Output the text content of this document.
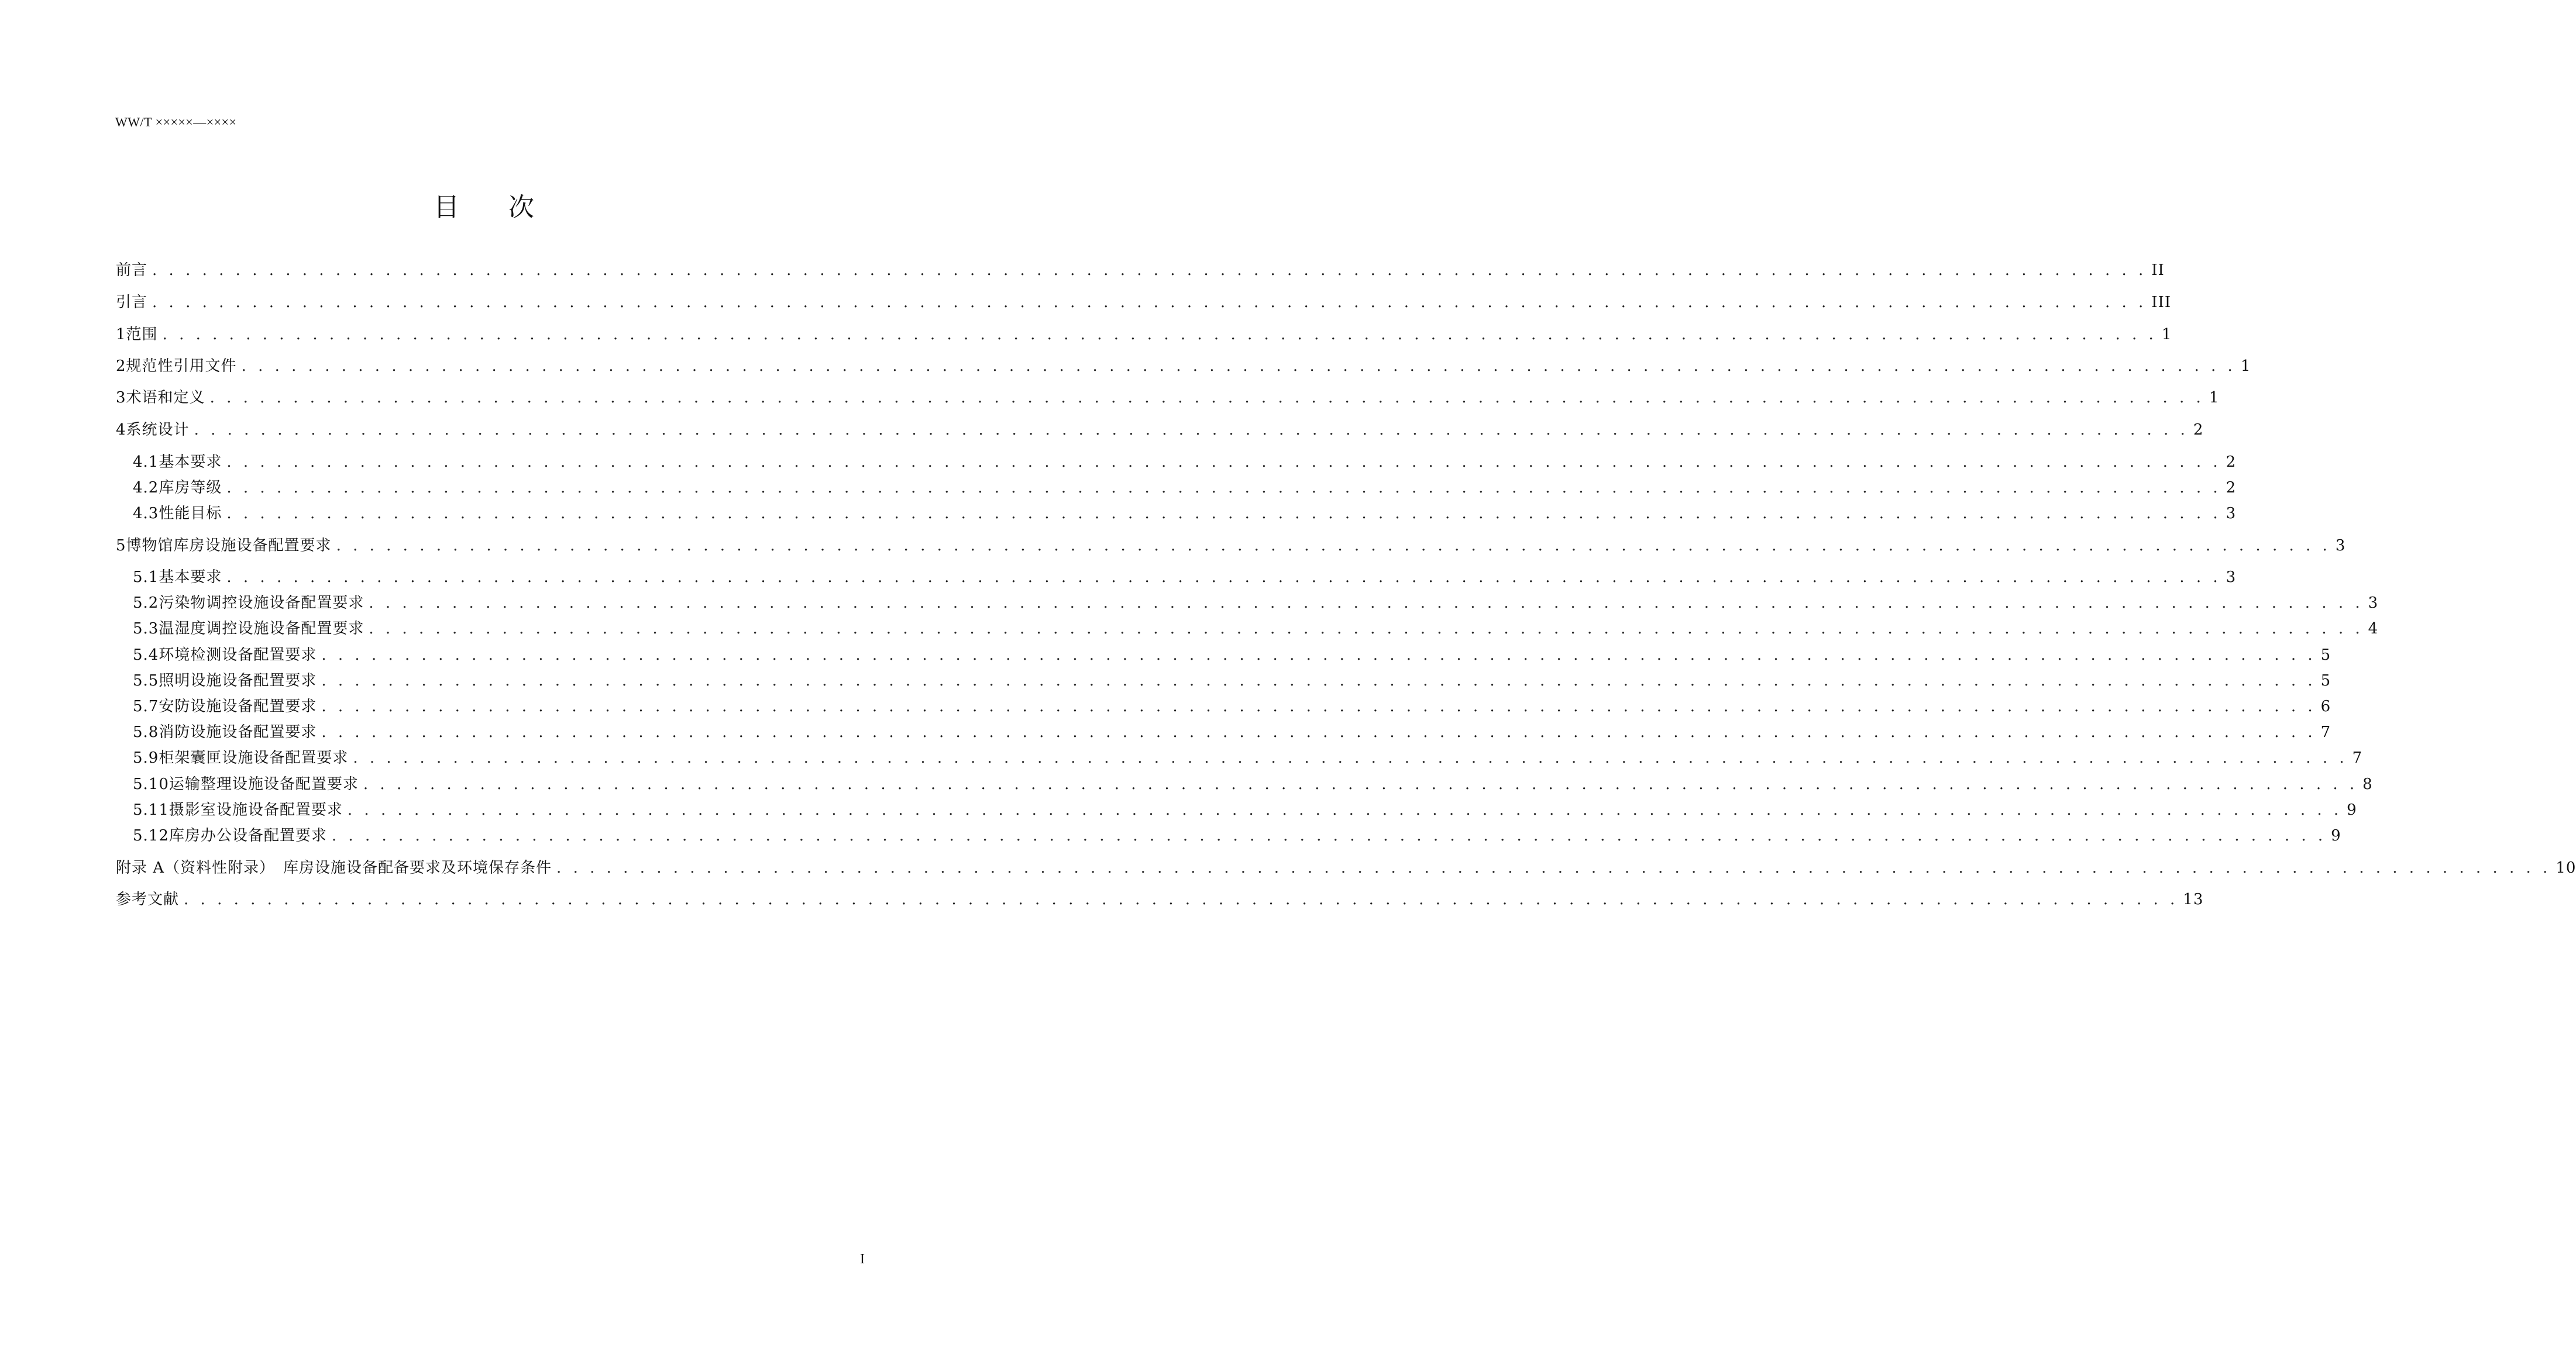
WW/T ×××××—××××
目 次
前言 . . . . . . . . . . . . . . . . . . . . . . . . . . . . . . . . . . . . . . . . . . . . . . . . . . . . . . . . . . . . . . . . . . . . . . . . . . . . . . . . . . . . . . . . . . . . . . . . . . . . . . . . . . . . . . . . . . . . . . . . II
引言 . . . . . . . . . . . . . . . . . . . . . . . . . . . . . . . . . . . . . . . . . . . . . . . . . . . . . . . . . . . . . . . . . . . . . . . . . . . . . . . . . . . . . . . . . . . . . . . . . . . . . . . . . . . . . . . . . . . . . . . . III
1 范围 . . . . . . . . . . . . . . . . . . . . . . . . . . . . . . . . . . . . . . . . . . . . . . . . . . . . . . . . . . . . . . . . . . . . . . . . . . . . . . . . . . . . . . . . . . . . . . . . . . . . . . . . . . . . . . . . . . . . . . . . 1
2 规范性引用文件 . . . . . . . . . . . . . . . . . . . . . . . . . . . . . . . . . . . . . . . . . . . . . . . . . . . . . . . . . . . . . . . . . . . . . . . . . . . . . . . . . . . . . . . . . . . . . . . . . . . . . . . . . . . . . . . . . . . . . . . . 1
3 术语和定义 . . . . . . . . . . . . . . . . . . . . . . . . . . . . . . . . . . . . . . . . . . . . . . . . . . . . . . . . . . . . . . . . . . . . . . . . . . . . . . . . . . . . . . . . . . . . . . . . . . . . . . . . . . . . . . . . . . . . . . . . 1
4 系统设计 . . . . . . . . . . . . . . . . . . . . . . . . . . . . . . . . . . . . . . . . . . . . . . . . . . . . . . . . . . . . . . . . . . . . . . . . . . . . . . . . . . . . . . . . . . . . . . . . . . . . . . . . . . . . . . . . . . . . . . . . 2
4.1 基本要求 . . . . . . . . . . . . . . . . . . . . . . . . . . . . . . . . . . . . . . . . . . . . . . . . . . . . . . . . . . . . . . . . . . . . . . . . . . . . . . . . . . . . . . . . . . . . . . . . . . . . . . . . . . . . . . . . . . . . . . . . 2
4.2 库房等级 . . . . . . . . . . . . . . . . . . . . . . . . . . . . . . . . . . . . . . . . . . . . . . . . . . . . . . . . . . . . . . . . . . . . . . . . . . . . . . . . . . . . . . . . . . . . . . . . . . . . . . . . . . . . . . . . . . . . . . . . 2
4.3 性能目标 . . . . . . . . . . . . . . . . . . . . . . . . . . . . . . . . . . . . . . . . . . . . . . . . . . . . . . . . . . . . . . . . . . . . . . . . . . . . . . . . . . . . . . . . . . . . . . . . . . . . . . . . . . . . . . . . . . . . . . . . 3
5 博物馆库房设施设备配置要求 . . . . . . . . . . . . . . . . . . . . . . . . . . . . . . . . . . . . . . . . . . . . . . . . . . . . . . . . . . . . . . . . . . . . . . . . . . . . . . . . . . . . . . . . . . . . . . . . . . . . . . . . . . . . . . . . . . . . . . . . 3
5.1 基本要求 . . . . . . . . . . . . . . . . . . . . . . . . . . . . . . . . . . . . . . . . . . . . . . . . . . . . . . . . . . . . . . . . . . . . . . . . . . . . . . . . . . . . . . . . . . . . . . . . . . . . . . . . . . . . . . . . . . . . . . . . 3
5.2 污染物调控设施设备配置要求 . . . . . . . . . . . . . . . . . . . . . . . . . . . . . . . . . . . . . . . . . . . . . . . . . . . . . . . . . . . . . . . . . . . . . . . . . . . . . . . . . . . . . . . . . . . . . . . . . . . . . . . . . . . . . . . . . . . . . . . . 3
5.3 温湿度调控设施设备配置要求 . . . . . . . . . . . . . . . . . . . . . . . . . . . . . . . . . . . . . . . . . . . . . . . . . . . . . . . . . . . . . . . . . . . . . . . . . . . . . . . . . . . . . . . . . . . . . . . . . . . . . . . . . . . . . . . . . . . . . . . . 4
5.4 环境检测设备配置要求 . . . . . . . . . . . . . . . . . . . . . . . . . . . . . . . . . . . . . . . . . . . . . . . . . . . . . . . . . . . . . . . . . . . . . . . . . . . . . . . . . . . . . . . . . . . . . . . . . . . . . . . . . . . . . . . . . . . . . . . . 5
5.5 照明设施设备配置要求 . . . . . . . . . . . . . . . . . . . . . . . . . . . . . . . . . . . . . . . . . . . . . . . . . . . . . . . . . . . . . . . . . . . . . . . . . . . . . . . . . . . . . . . . . . . . . . . . . . . . . . . . . . . . . . . . . . . . . . . . 5
5.7 安防设施设备配置要求 . . . . . . . . . . . . . . . . . . . . . . . . . . . . . . . . . . . . . . . . . . . . . . . . . . . . . . . . . . . . . . . . . . . . . . . . . . . . . . . . . . . . . . . . . . . . . . . . . . . . . . . . . . . . . . . . . . . . . . . . 6
5.8 消防设施设备配置要求 . . . . . . . . . . . . . . . . . . . . . . . . . . . . . . . . . . . . . . . . . . . . . . . . . . . . . . . . . . . . . . . . . . . . . . . . . . . . . . . . . . . . . . . . . . . . . . . . . . . . . . . . . . . . . . . . . . . . . . . . 7
5.9 柜架囊匣设施设备配置要求 . . . . . . . . . . . . . . . . . . . . . . . . . . . . . . . . . . . . . . . . . . . . . . . . . . . . . . . . . . . . . . . . . . . . . . . . . . . . . . . . . . . . . . . . . . . . . . . . . . . . . . . . . . . . . . . . . . . . . . . . 7
5.10 运输整理设施设备配置要求 . . . . . . . . . . . . . . . . . . . . . . . . . . . . . . . . . . . . . . . . . . . . . . . . . . . . . . . . . . . . . . . . . . . . . . . . . . . . . . . . . . . . . . . . . . . . . . . . . . . . . . . . . . . . . . . . . . . . . . . . 8
5.11 摄影室设施设备配置要求 . . . . . . . . . . . . . . . . . . . . . . . . . . . . . . . . . . . . . . . . . . . . . . . . . . . . . . . . . . . . . . . . . . . . . . . . . . . . . . . . . . . . . . . . . . . . . . . . . . . . . . . . . . . . . . . . . . . . . . . . 9
5.12 库房办公设备配置要求 . . . . . . . . . . . . . . . . . . . . . . . . . . . . . . . . . . . . . . . . . . . . . . . . . . . . . . . . . . . . . . . . . . . . . . . . . . . . . . . . . . . . . . . . . . . . . . . . . . . . . . . . . . . . . . . . . . . . . . . . 9
附录 A（资料性附录）　库房设施设备配备要求及环境保存条件 . . . . . . . . . . . . . . . . . . . . . . . . . . . . . . . . . . . . . . . . . . . . . . . . . . . . . . . . . . . . . . . . . . . . . . . . . . . . . . . . . . . . . . . . . . . . . . . . . . . . . . . . . . . . . . . . . . . . . . . . 10
参考文献 . . . . . . . . . . . . . . . . . . . . . . . . . . . . . . . . . . . . . . . . . . . . . . . . . . . . . . . . . . . . . . . . . . . . . . . . . . . . . . . . . . . . . . . . . . . . . . . . . . . . . . . . . . . . . . . . . . . . . . . . 13
I
